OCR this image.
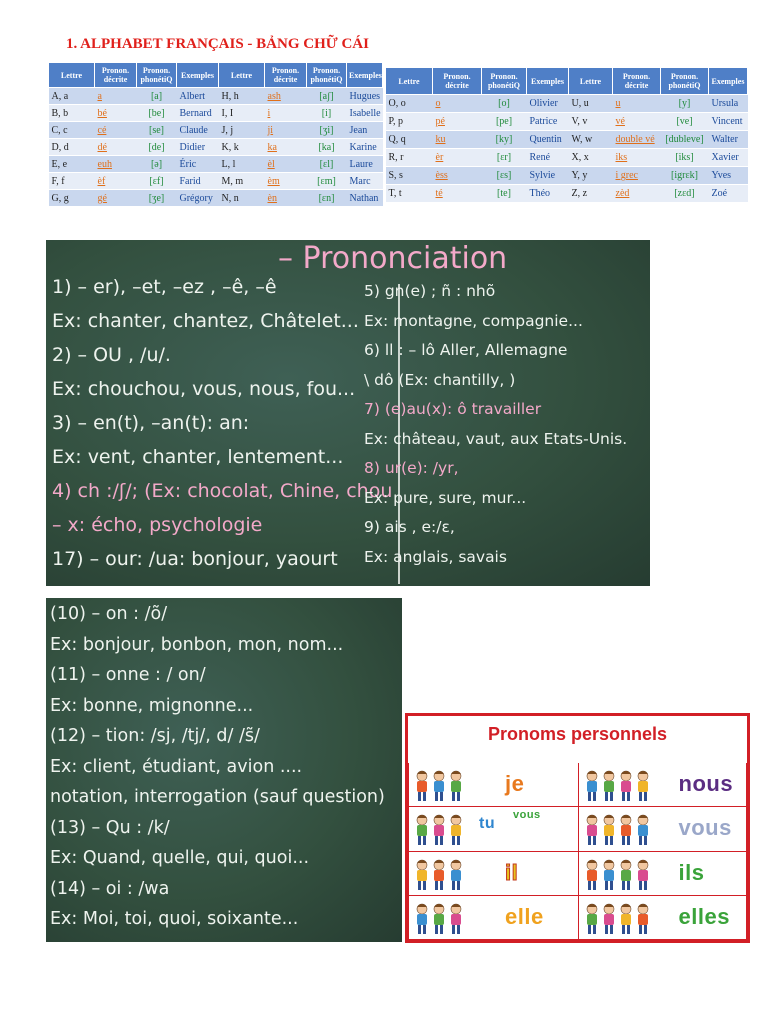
1. ALPHABET FRANÇAIS - BẢNG CHỮ CÁI
Lettre	Pronon. décrite	Pronon. phonétiQ	Exemples	Lettre	Pronon. décrite	Pronon. phonétiQ	Exemples
A, a	a	[a]	Albert	H, h	ash	[aʃ]	Hugues
B, b	bé	[be]	Bernard	I, I	i	[i]	Isabelle
C, c	cé	[se]	Claude	J, j	ji	[ʒi]	Jean
D, d	dé	[de]	Didier	K, k	ka	[ka]	Karine
E, e	euh	[ə]	Éric	L, l	èl	[ɛl]	Laure
F, f	èf	[ɛf]	Farid	M, m	èm	[ɛm]	Marc
G, g	gé	[ʒe]	Grégory	N, n	èn	[ɛn]	Nathan
Lettre	Pronon. décrite	Pronon. phonétiQ	Exemples	Lettre	Pronon. décrite	Pronon. phonétiQ	Exemples
O, o	o	[o]	Olivier	U, u	u	[y]	Ursula
P, p	pé	[pe]	Patrice	V, v	vé	[ve]	Vincent
Q, q	ku	[ky]	Quentin	W, w	double vé	[dubleve]	Walter
R, r	èr	[ɛr]	René	X, x	iks	[iks]	Xavier
S, s	èss	[ɛs]	Sylvie	Y, y	i grec	[igrɛk]	Yves
T, t	té	[te]	Théo	Z, z	zèd	[zɛd]	Zoé
– Prononciation
1) – er), –et, –ez , –ê, –ê
Ex: chanter, chantez, Châtelet...
2) – OU , /u/.
Ex: chouchou, vous, nous, fou...
3) – en(t), –an(t): an:
Ex: vent, chanter, lentement...
4) ch :/ʃ/; (Ex: chocolat, Chine, chou
– x: écho, psychologie
17) – our: /ua: bonjour, yaourt
5) gn(e) ; ñ : nhõ
Ex: montagne, compagnie...
6) ll : – lô Aller, Allemagne
\ dô (Ex: chantilly, )
7) (e)au(x): ô travailler
Ex: château, vaut, aux Etats-Unis.
8) ur(e): /yr,
Ex: pure, sure, mur...
9) ais , e:/ɛ,
Ex: anglais, savais
(10) – on : /õ/
Ex: bonjour, bonbon, mon, nom...
(11) – onne : / on/
Ex: bonne, mignonne...
(12) – tion: /sj, /tj/, d/ /s̃/
Ex: client, étudiant, avion ....
notation, interrogation (sauf question)
(13) – Qu : /k/
Ex: Quand, quelle, qui, quoi...
(14) – oi : /wa
Ex: Moi, toi, quoi, soixante...
Pronoms personnels
je	nous
tu vous	vous
il	ils
elle	elles
